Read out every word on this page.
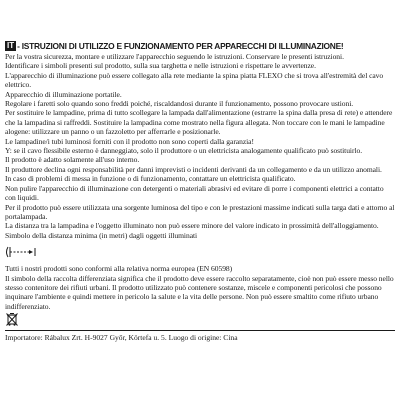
IT - ISTRUZIONI DI UTILIZZO E FUNZIONAMENTO PER APPARECCHI DI ILLUMINAZIONE!

Per la vostra sicurezza, montare e utilizzare l'apparecchio seguendo le istruzioni. Conservare le presenti istruzioni.

Identificare i simboli presenti sul prodotto, sulla sua targhetta e nelle istruzioni e rispettare le avvertenze.

L'apparecchio di illuminazione può essere collegato alla rete mediante la spina piatta FLEXO che si trova all'estremità del cavo elettrico.

Apparecchio di illuminazione portatile.

Regolare i faretti solo quando sono freddi poiché, riscaldandosi durante il funzionamento, possono provocare ustioni.

Per sostituire le lampadine, prima di tutto scollegare la lampada dall'alimentazione (estrarre la spina dalla presa di rete) e attendere che la lampadina si raffreddi. Sostituire la lampadina come mostrato nella figura allegata. Non toccare con le mani le lampadine alogene: utilizzare un panno o un fazzoletto per afferrarle e posizionarle.

Le lampadine/i tubi luminosi forniti con il prodotto non sono coperti dalla garanzia!

Y: se il cavo flessibile esterno è danneggiato, solo il produttore o un elettricista analogamente qualificato può sostituirlo.

Il prodotto è adatto solamente all'uso interno.

Il produttore declina ogni responsabilità per danni imprevisti o incidenti derivanti da un collegamento e da un utilizzo anomali.

In caso di problemi di messa in funzione o di funzionamento, contattare un elettricista qualificato.

Non pulire l'apparecchio di illuminazione con detergenti o materiali abrasivi ed evitare di porre i componenti elettrici a contatto con liquidi.

Per il prodotto può essere utilizzata una sorgente luminosa del tipo e con le prestazioni massime indicati sulla targa dati e attorno al portalampada.

La distanza tra la lampadina e l'oggetto illuminato non può essere minore del valore indicato in prossimità dell'alloggiamento.

Simbolo della distanza minima (in metri) dagli oggetti illuminati

Tutti i nostri prodotti sono conformi alla relativa norma europea (EN 60598)

Il simbolo della raccolta differenziata significa che il prodotto deve essere raccolto separatamente, cioè non può essere messo nello stesso contenitore dei rifiuti urbani. Il prodotto utilizzato può contenere sostanze, miscele e componenti pericolosi che possono inquinare l'ambiente e quindi mettere in pericolo la salute e la vita delle persone. Non può essere smaltito come rifiuto urbano indifferenziato.

Importatore: Rábalux Zrt. H-9027 Győr, Körtefa u. 5. Luogo di origine: Cina
